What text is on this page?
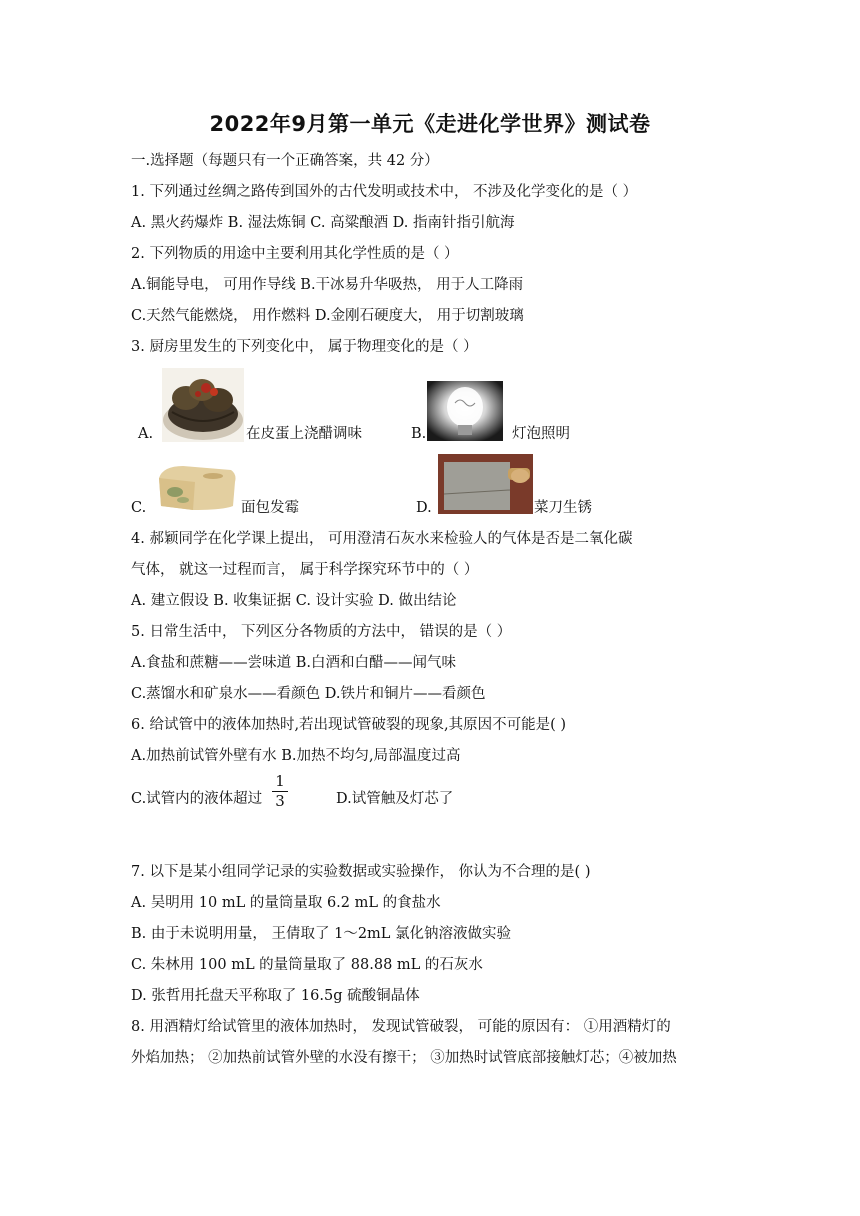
2022年9月第一单元《走进化学世界》测试卷
一.选择题（每题只有一个正确答案，共 42 分）
1. 下列通过丝绸之路传到国外的古代发明或技术中， 不涉及化学变化的是（ ）
A. 黑火药爆炸 B. 湿法炼铜 C. 高粱酿酒 D. 指南针指引航海
2. 下列物质的用途中主要利用其化学性质的是（ ）
A.铜能导电， 可用作导线 B.干冰易升华吸热， 用于人工降雨
C.天然气能燃烧， 用作燃料 D.金刚石硬度大， 用于切割玻璃
3. 厨房里发生的下列变化中， 属于物理变化的是（ ）
A.	在皮蛋上浇醋调味	B.	灯泡照明
C.	面包发霉	D.	菜刀生锈
4. 郝颖同学在化学课上提出， 可用澄清石灰水来检验人的气体是否是二氧化碳
气体， 就这一过程而言， 属于科学探究环节中的（ ）
A. 建立假设 B. 收集证据 C. 设计实验 D. 做出结论
5. 日常生活中， 下列区分各物质的方法中， 错误的是（ ）
A.食盐和蔗糖——尝味道 B.白酒和白醋——闻气味
C.蒸馏水和矿泉水——看颜色 D.铁片和铜片——看颜色
6. 给试管中的液体加热时,若出现试管破裂的现象,其原因不可能是( )
A.加热前试管外壁有水 B.加热不均匀,局部温度过高
C.试管内的液体超过 $\frac{1}{3}$	D.试管触及灯芯了
7. 以下是某小组同学记录的实验数据或实验操作， 你认为不合理的是( )
A. 吴明用 10 mL 的量筒量取 6.2 mL 的食盐水
B. 由于未说明用量， 王倩取了 1～2mL 氯化钠溶液做实验
C. 朱林用 100 mL 的量筒量取了 88.88 mL 的石灰水
D. 张哲用托盘天平称取了 16.5g 硫酸铜晶体
8. 用酒精灯给试管里的液体加热时， 发现试管破裂， 可能的原因有： ①用酒精灯的
外焰加热； ②加热前试管外壁的水没有擦干； ③加热时试管底部接触灯芯；④被加热
